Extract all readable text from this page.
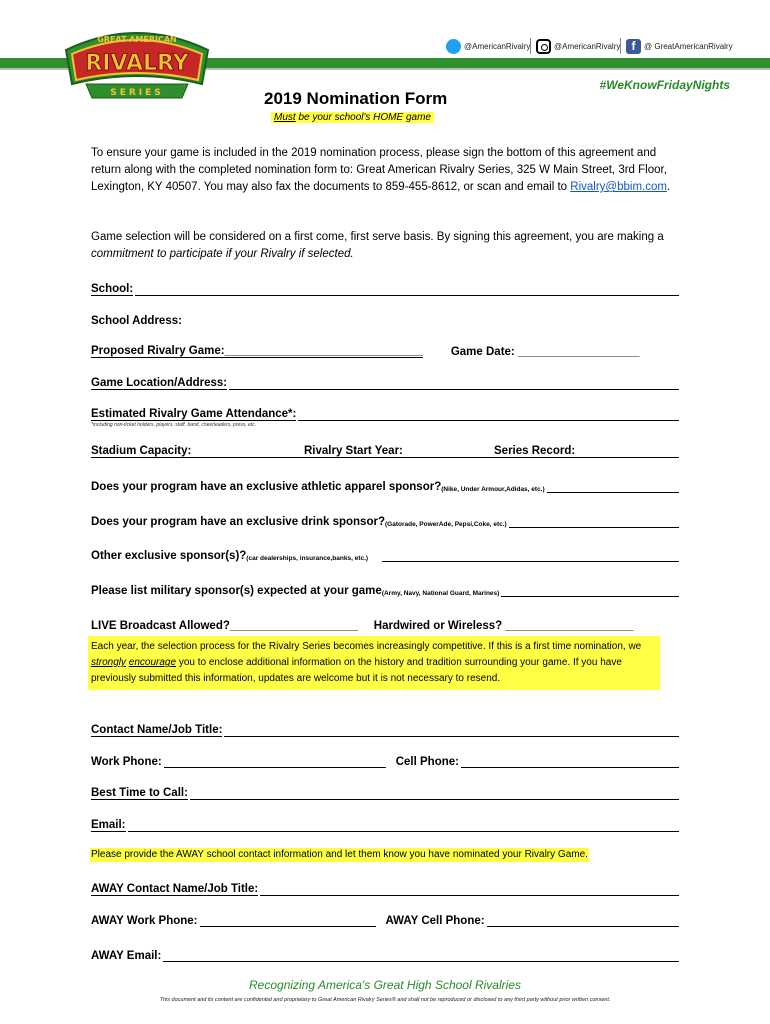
@AmericanRivalry	@AmericanRivalry f	@ GreatAmericanRivalry
#WeKnowFridayNights
GREAT AMERICAN
RIVALRY
SERIES	2019 Nomination Form
Must be your school's HOME game
To ensure your game is included in the 2019 nomination process, please sign the bottom of this agreement and return along with the completed nomination form to: Great American Rivalry Series, 325 W Main Street, 3rd Floor, Lexington, KY 40507. You may also fax the documents to 859-455-8612, or scan and email to Rivalry@bbim.com.
Game selection will be considered on a first come, first serve basis. By signing this agreement, you are making a commitment to participate if your Rivalry if selected.
School:
School Address:
Proposed Rivalry Game:_______________________________ Game Date: ___________________
Game Location/Address:
Estimated Rivalry Game Attendance*:
*including non-ticket holders, players, staff, band, cheerleaders, press, etc.
Stadium Capacity:	Rivalry Start Year:	Series Record:
Does your program have an exclusive athletic apparel sponsor? (Nike, Under Armour,Adidas, etc.)
Does your program have an exclusive drink sponsor? (Gatorade, PowerAde, Pepsi,Coke, etc.)
Other exclusive sponsor(s)? (car dealerships, insurance,banks, etc.)
Please list military sponsor(s) expected at your game (Army, Navy, National Guard, Marines)
LIVE Broadcast Allowed?____________________ Hardwired or Wireless? ____________________
Each year, the selection process for the Rivalry Series becomes increasingly competitive. If this is a first time nomination, we strongly encourage you to enclose additional information on the history and tradition surrounding your game. If you have previously submitted this information, updates are welcome but it is not necessary to resend.
Contact Name/Job Title:
Work Phone:	Cell Phone:
Best Time to Call:
Email:
Please provide the AWAY school contact information and let them know you have nominated your Rivalry Game.
AWAY Contact Name/Job Title:
AWAY Work Phone:	AWAY Cell Phone:
AWAY Email:
Recognizing America's Great High School Rivalries
This document and its content are confidential and proprietary to Great American Rivalry Series® and shall not be reproduced or disclosed to any third party without prior written consent.
